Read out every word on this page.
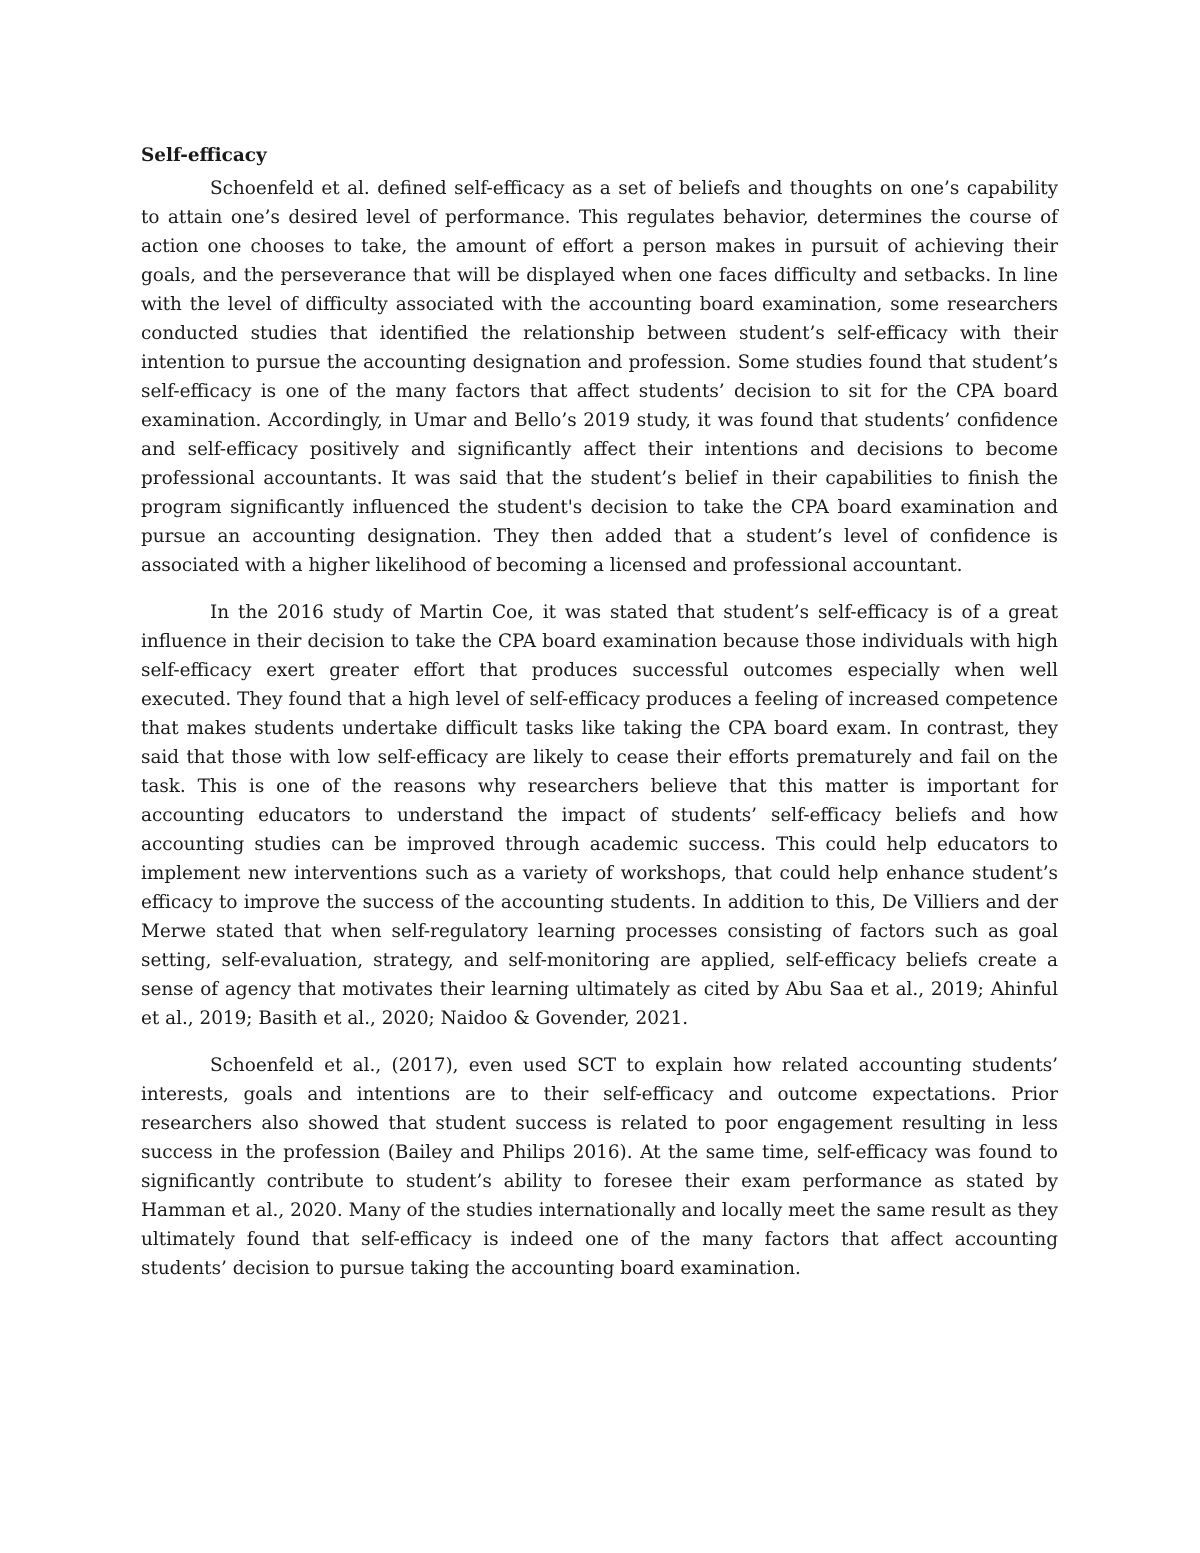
Self-efficacy

Schoenfeld et al. defined self-efficacy as a set of beliefs and thoughts on one’s capability to attain one’s desired level of performance. This regulates behavior, determines the course of action one chooses to take, the amount of effort a person makes in pursuit of achieving their goals, and the perseverance that will be displayed when one faces difficulty and setbacks. In line with the level of difficulty associated with the accounting board examination, some researchers conducted studies that identified the relationship between student’s self-efficacy with their intention to pursue the accounting designation and profession. Some studies found that student’s self-efficacy is one of the many factors that affect students’ decision to sit for the CPA board examination. Accordingly, in Umar and Bello’s 2019 study, it was found that students’ confidence and self-efficacy positively and significantly affect their intentions and decisions to become professional accountants. It was said that the student’s belief in their capabilities to finish the program significantly influenced the student's decision to take the CPA board examination and pursue an accounting designation. They then added that a student’s level of confidence is associated with a higher likelihood of becoming a licensed and professional accountant.

In the 2016 study of Martin Coe, it was stated that student’s self-efficacy is of a great influence in their decision to take the CPA board examination because those individuals with high self-efficacy exert greater effort that produces successful outcomes especially when well executed. They found that a high level of self-efficacy produces a feeling of increased competence that makes students undertake difficult tasks like taking the CPA board exam. In contrast, they said that those with low self-efficacy are likely to cease their efforts prematurely and fail on the task. This is one of the reasons why researchers believe that this matter is important for accounting educators to understand the impact of students’ self-efficacy beliefs and how accounting studies can be improved through academic success. This could help educators to implement new interventions such as a variety of workshops, that could help enhance student’s efficacy to improve the success of the accounting students. In addition to this, De Villiers and der Merwe stated that when self-regulatory learning processes consisting of factors such as goal setting, self-evaluation, strategy, and self-monitoring are applied, self-efficacy beliefs create a sense of agency that motivates their learning ultimately as cited by Abu Saa et al., 2019; Ahinful et al., 2019; Basith et al., 2020; Naidoo & Govender, 2021.

Schoenfeld et al., (2017), even used SCT to explain how related accounting students’ interests, goals and intentions are to their self-efficacy and outcome expectations. Prior researchers also showed that student success is related to poor engagement resulting in less success in the profession (Bailey and Philips 2016). At the same time, self-efficacy was found to significantly contribute to student’s ability to foresee their exam performance as stated by Hamman et al., 2020. Many of the studies internationally and locally meet the same result as they ultimately found that self-efficacy is indeed one of the many factors that affect accounting students’ decision to pursue taking the accounting board examination.
